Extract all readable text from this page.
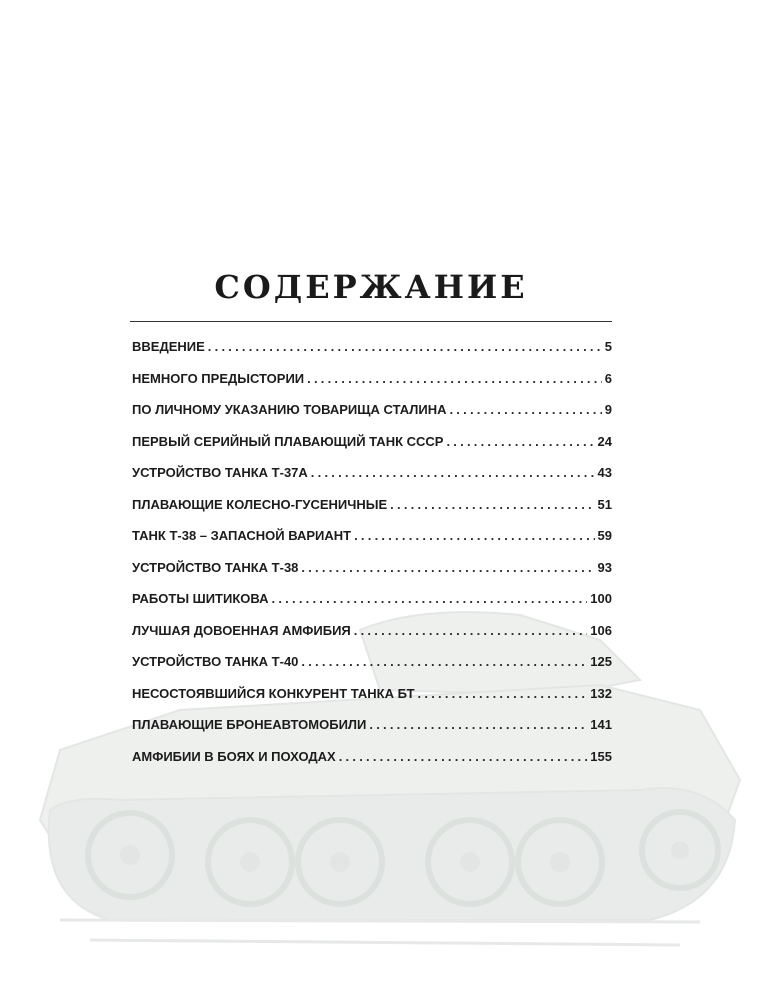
СОДЕРЖАНИЕ
ВВЕДЕНИЕ . . .	5
НЕМНОГО ПРЕДЫСТОРИИ . . .	6
ПО ЛИЧНОМУ УКАЗАНИЮ ТОВАРИЩА СТАЛИНА . . .	9
ПЕРВЫЙ СЕРИЙНЫЙ ПЛАВАЮЩИЙ ТАНК СССР . . .	24
УСТРОЙСТВО ТАНКА Т-37А . . .	43
ПЛАВАЮЩИЕ КОЛЕСНО-ГУСЕНИЧНЫЕ . . .	51
ТАНК Т-38 – ЗАПАСНОЙ ВАРИАНТ . . .	59
УСТРОЙСТВО ТАНКА Т-38 . . .	93
РАБОТЫ ШИТИКОВА . . .	100
ЛУЧШАЯ ДОВОЕННАЯ АМФИБИЯ . . .	106
УСТРОЙСТВО ТАНКА Т-40 . . .	125
НЕСОСТОЯВШИЙСЯ КОНКУРЕНТ ТАНКА БТ . . .	132
ПЛАВАЮЩИЕ БРОНЕАВТОМОБИЛИ . . .	141
АМФИБИИ В БОЯХ И ПОХОДАХ . . .	155
